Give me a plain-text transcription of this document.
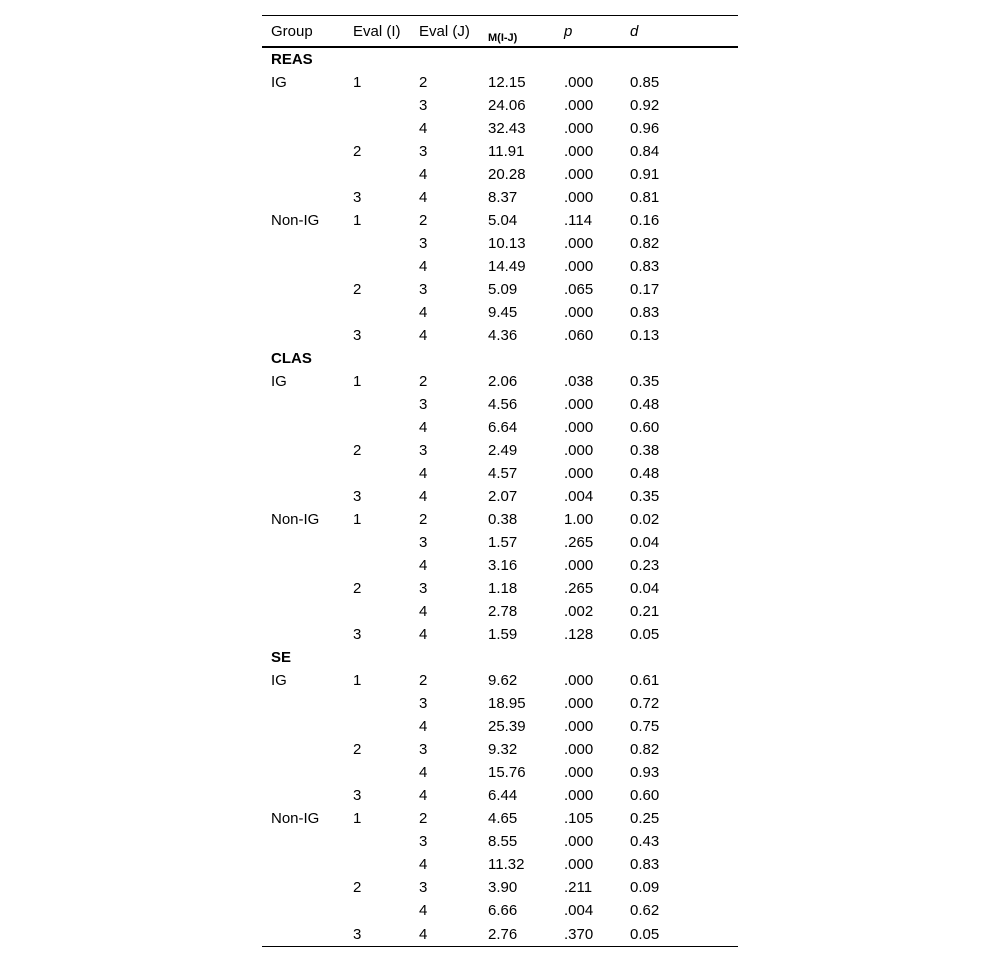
Group	Eval (I)	Eval (J)	$_{M(I-J)}$	p	d
REAS					
IG	1	2	12.15	.000	0.85
		3	24.06	.000	0.92
		4	32.43	.000	0.96
	2	3	11.91	.000	0.84
		4	20.28	.000	0.91
	3	4	8.37	.000	0.81
Non-IG	1	2	5.04	.114	0.16
		3	10.13	.000	0.82
		4	14.49	.000	0.83
	2	3	5.09	.065	0.17
		4	9.45	.000	0.83
	3	4	4.36	.060	0.13
CLAS					
IG	1	2	2.06	.038	0.35
		3	4.56	.000	0.48
		4	6.64	.000	0.60
	2	3	2.49	.000	0.38
		4	4.57	.000	0.48
	3	4	2.07	.004	0.35
Non-IG	1	2	0.38	1.00	0.02
		3	1.57	.265	0.04
		4	3.16	.000	0.23
	2	3	1.18	.265	0.04
		4	2.78	.002	0.21
	3	4	1.59	.128	0.05
SE					
IG	1	2	9.62	.000	0.61
		3	18.95	.000	0.72
		4	25.39	.000	0.75
	2	3	9.32	.000	0.82
		4	15.76	.000	0.93
	3	4	6.44	.000	0.60
Non-IG	1	2	4.65	.105	0.25
		3	8.55	.000	0.43
		4	11.32	.000	0.83
	2	3	3.90	.211	0.09
		4	6.66	.004	0.62
	3	4	2.76	.370	0.05
